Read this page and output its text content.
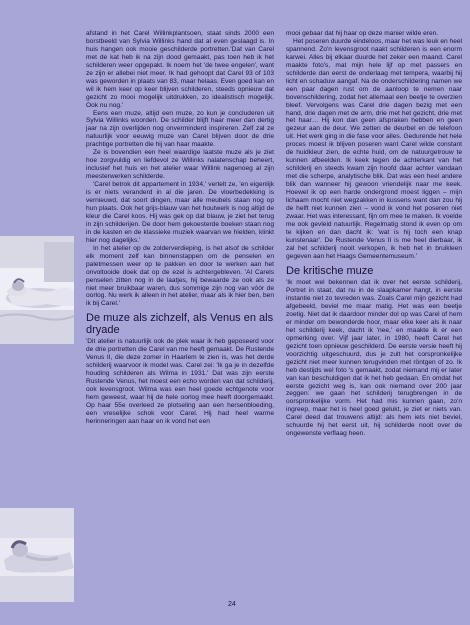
afstand in het Carel Willinkplantsoen, staat sinds 2000 een borstbeeld van Sylvia Willinks hand dat al even geslaagd is. In huis hangen ook mooie geschilderde portretten.'Dat van Carel met de kat heb ik na zijn dood gemaakt, pas toen heb ik het schilderen weer opgepakt. Ik noem het 'de twee engelen', want ze zijn er allebei niet meer. Ik had gehoopt dat Carel 93 of 103 was geworden in plaats van 83, maar helaas. Even goed kan en wil ik hem keer op keer blijven schilderen, steeds opnieuw dat gezicht zo mooi mogelijk uitdrukken, zo idealistisch mogelijk. Ook nu nog.'

Eens een muze, altijd een muze, zo kun je concluderen uit Sylvia Willinks woorden. De schilder blijft haar meer dan dertig jaar na zijn overlijden nog onverminderd inspireren. Zelf zal ze natuurlijk voor eeuwig muze van Carel blijven door de drie prachtige portretten die hij van haar maakte.

Ze is bovendien een heel waardige laatste muze als je ziet hoe zorgvuldig en liefdevol ze Willinks nalatenschap beheert, inclusief het huis en het atelier waar Willink nagenoeg al zijn meesterwerken schilderde.

'Carel betrok dit appartement in 1934,' vertelt ze, 'en eigenlijk is er niets veranderd in al die jaren. De vloerbedekking is vernieuwd, dat soort dingen, maar alle meubels staan nog op hun plaats. Ook het grijs-blauw van het houtwerk is nog altijd de kleur die Carel koos. Hij was gek op dat blauw, je ziet het terug in zijn schilderijen. De door hem gekoesterde boeken staan nog in de kasten en de klassieke muziek waarvan we hielden, klinkt hier nog dagelijks.'

In het atelier op de zolderverdieping, is het alsof de schilder elk moment zelf kan binnenstappen om de penselen en paletmessen weer op te pakken en door te werken aan het onvoltooide doek dat op de ezel is achtergebleven. 'Al Carels penselen zitten nog in de laatjes, hij bewaarde ze ook als ze niet meer bruikbaar waren, dus sommige zijn nog van vóór de oorlog. Nu werk ik alleen in het atelier, maar als ik hier ben, ben ik bij Carel.'

De muze als zichzelf, als Venus en als dryade

'Dit atelier is natuurlijk ook de plek waar ik heb geposeerd voor de drie portretten die Carel van me heeft gemaakt. De Rustende Venus II, die deze zomer in Haarlem te zien is, was het derde schilderij waarvoor ik model was. Carel zei: 'Ik ga je in dezelfde houding schilderen als Wilma in 1931.' Dat was zijn eerste Rustende Venus, het moest een echo worden van dat schilderij, ook levensgroot. Wilma was een heel goede echtgenote voor hem geweest, waar hij de hele oorlog mee heeft doorgemaakt. Op haar 55e overleed ze plotseling aan een hersenbloeding, een vreselijke schok voor Carel. Hij had heel warme herinneringen aan haar en ik vond het een

mooi gebaar dat hij haar op deze manier wilde eren.

Het poseren duurde eindeloos, maar het was leuk en heel spannend. Zo'n levensgroot naakt schilderen is een enorm karwei. Alles bij elkaar duurde het zeker een maand. Carel maakte foto's, mat mijn hele lijf op met passers en schilderde dan eerst de onderlaag met tempera, waarbij hij licht en schaduw aangaf. Na de onderschildering namen we een paar dagen rust om de aanloop te nemen naar bovenschildering, zodat het allemaal een beetje te overzien bleef. Vervolgens was Carel drie dagen bezig met een hand, drie dagen met de arm, drie met het gezicht, drie met het haar… Hij kon dan geen afspraken hebben en geen gezeur aan de deur. We zetten de deurbel en de telefoon uit. Het werk ging in die fase voor alles. Gedurende het hele proces moest ik blijven poseren want Carel wilde constant de huidkleur zien, de echte huid, om de natuurgetrouw te kunnen afbeelden. Ik keek tegen de achterkant van het schilderij en steeds kwam zijn hoofd daar achter vandaan met die scherpe, analytische blik. Dat was een heel andere blik dan wanneer hij gewoon vriendelijk naar me keek. Hoewel ik op een harde ondergrond moest liggen – mijn lichaam mocht niet wegzakken in kussens want dan zou hij de helft niet kunnen zien – vond ik vond het poseren niet zwaar. Het was interessant, fijn om mee te maken. Ik voelde me ook gevleid natuurlijk. Regelmatig stond ik even op om te kijken en dan dacht ik: 'wat is hij toch een knap kunstenaar'. De Rustende Venus II is me heel dierbaar, ik zal het schilderij nooit verkopen, ik heb het in bruikleen gegeven aan het Haags Gemeentemuseum.'

De kritische muze

'Ik moet wel bekennen dat ik over het eerste schilderij, Portret in staat, dat nu in de slaapkamer hangt, in eerste instantie niet zo tevreden was. Zoals Carel mijn gezicht had afgebeeld, beviel me maar matig. Het was een beetje zoetig. Niet dat ik daardoor minder dol op was Carel of hem er minder om bewonderde hoor, maar elke keer als ik naar het schilderij keek, dacht ik 'nee,' en maakte ik er een opmerking over. Vijf jaar later, in 1980, heeft Carel het gezicht toen opnieuw geschilderd. De eerste versie heeft hij voorzichtig uitgeschuurd, dus je zult het corspronkelijke gezicht niet meer kunnen terugvinden met röntgen of zo. Ik heb destijds wel foto 's gemaakt, zodat niemand mij er later van kan beschuldigen dat ik het heb gedaan. En omdat het eerste gezicht weg is, kan ook niemand over 200 jaar zeggen: we gaan het schilderij terugbrengen in de oorspronkelijke vorm. Het had mis kunnen gaan, zo'n ingreep, maar het is heel goed gelukt, je ziet er niets van. Carel deed dat trouwens altijd: als hem iets niet beviel, schuurde hij het eerst uit, hij schilderde nooit over de ongewenste verflaag heen.

24
